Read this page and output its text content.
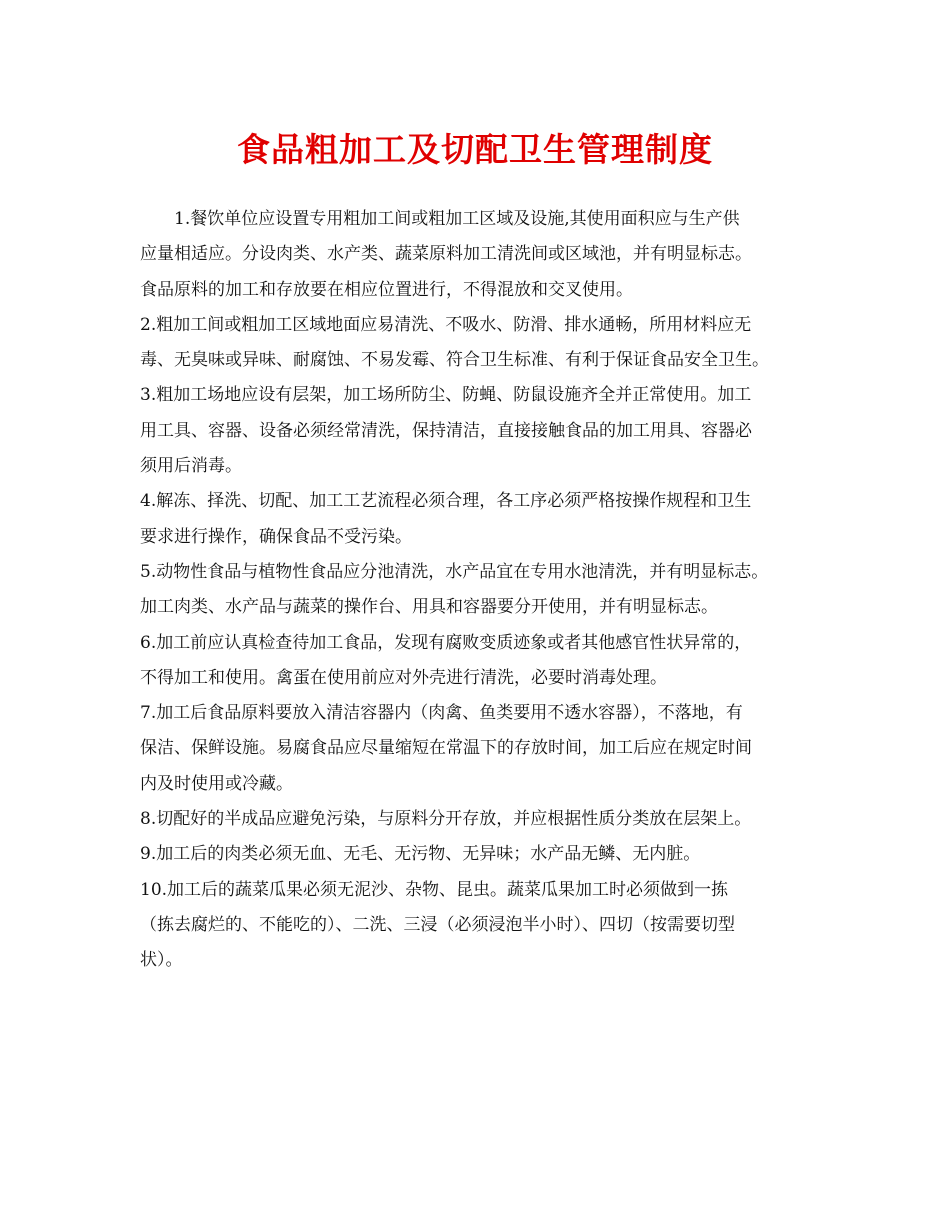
食品粗加工及切配卫生管理制度
　　1.餐饮单位应设置专用粗加工间或粗加工区域及设施,其使用面积应与生产供
应量相适应。分设肉类、水产类、蔬菜原料加工清洗间或区域池，并有明显标志。
食品原料的加工和存放要在相应位置进行，不得混放和交叉使用。
2.粗加工间或粗加工区域地面应易清洗、不吸水、防滑、排水通畅，所用材料应无
毒、无臭味或异味、耐腐蚀、不易发霉、符合卫生标准、有利于保证食品安全卫生。
3.粗加工场地应设有层架，加工场所防尘、防蝇、防鼠设施齐全并正常使用。加工
用工具、容器、设备必须经常清洗，保持清洁，直接接触食品的加工用具、容器必
须用后消毒。
4.解冻、择洗、切配、加工工艺流程必须合理，各工序必须严格按操作规程和卫生
要求进行操作，确保食品不受污染。
5.动物性食品与植物性食品应分池清洗，水产品宜在专用水池清洗，并有明显标志。
加工肉类、水产品与蔬菜的操作台、用具和容器要分开使用，并有明显标志。
6.加工前应认真检查待加工食品，发现有腐败变质迹象或者其他感官性状异常的，
不得加工和使用。禽蛋在使用前应对外壳进行清洗，必要时消毒处理。
7.加工后食品原料要放入清洁容器内（肉禽、鱼类要用不透水容器），不落地，有
保洁、保鲜设施。易腐食品应尽量缩短在常温下的存放时间，加工后应在规定时间
内及时使用或冷藏。
8.切配好的半成品应避免污染，与原料分开存放，并应根据性质分类放在层架上。
9.加工后的肉类必须无血、无毛、无污物、无异味；水产品无鳞、无内脏。
10.加工后的蔬菜瓜果必须无泥沙、杂物、昆虫。蔬菜瓜果加工时必须做到一拣
（拣去腐烂的、不能吃的）、二洗、三浸（必须浸泡半小时）、四切（按需要切型
状）。
